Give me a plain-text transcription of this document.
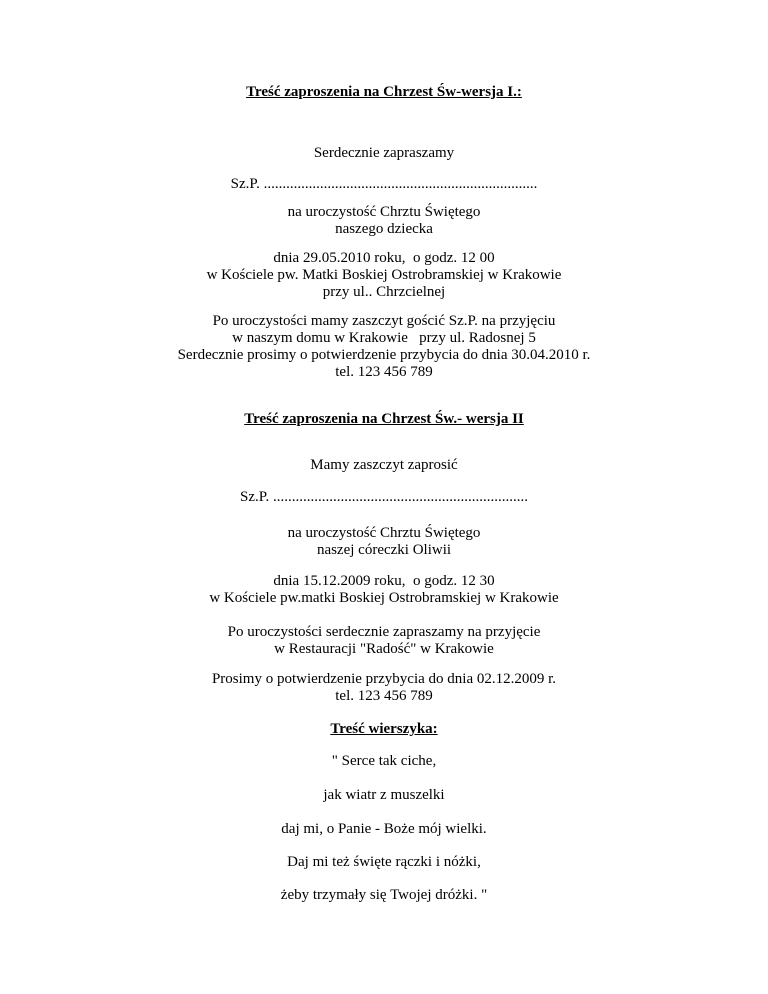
Treść zaproszenia na Chrzest Św-wersja I.:
Serdecznie zapraszamy
Sz.P. .........................................................................
na uroczystość Chrztu Świętego
naszego dziecka
dnia 29.05.2010 roku,  o godz. 12 00
w Kościele pw. Matki Boskiej Ostrobramskiej w Krakowie
przy ul.. Chrzcielnej
Po uroczystości mamy zaszczyt gościć Sz.P. na przyjęciu
w naszym domu w Krakowie   przy ul. Radosnej 5
Serdecznie prosimy o potwierdzenie przybycia do dnia 30.04.2010 r.
tel. 123 456 789
Treść zaproszenia na Chrzest Św.- wersja II
Mamy zaszczyt zaprosić
Sz.P. ....................................................................
na uroczystość Chrztu Świętego
naszej córeczki Oliwii
dnia 15.12.2009 roku,  o godz. 12 30
w Kościele pw.matki Boskiej Ostrobramskiej w Krakowie
Po uroczystości serdecznie zapraszamy na przyjęcie
w Restauracji "Radość" w Krakowie
Prosimy o potwierdzenie przybycia do dnia 02.12.2009 r.
tel. 123 456 789
Treść wierszyka:
" Serce tak ciche,
jak wiatr z muszelki
daj mi, o Panie - Boże mój wielki.
Daj mi też święte rączki i nóżki,
żeby trzymały się Twojej dróżki. "
